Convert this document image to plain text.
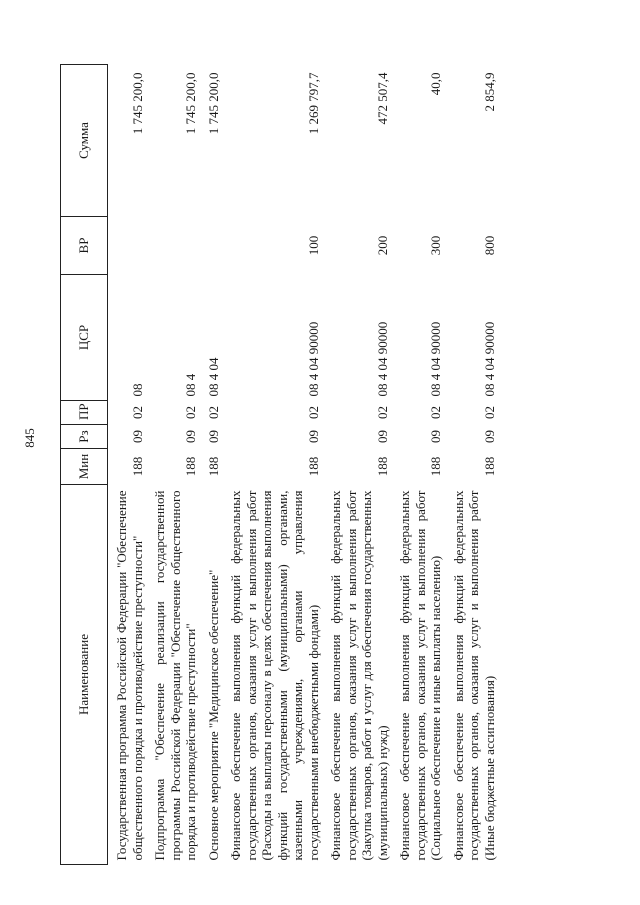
845
Наименование	Мин	Рз	ПР	ЦСР	ВР	Сумма
Государственная программа Российской Федерации "Обеспечение общественного порядка и противодействие преступности"	188	09	02	08		1 745 200,0
Подпрограмма "Обеспечение реализации государственной программы Российской Федерации "Обеспечение общественного порядка и противодействие преступности"	188	09	02	08 4		1 745 200,0
Основное мероприятие "Медицинское обеспечение"	188	09	02	08 4 04		1 745 200,0
Финансовое обеспечение выполнения функций федеральных государственных органов, оказания услуг и выполнения работ (Расходы на выплаты персоналу в целях обеспечения выполнения функций государственными (муниципальными) органами, казенными учреждениями, органами управления государственными внебюджетными фондами)	188	09	02	08 4 04 90000	100	1 269 797,7
Финансовое обеспечение выполнения функций федеральных государственных органов, оказания услуг и выполнения работ (Закупка товаров, работ и услуг для обеспечения государственных (муниципальных) нужд)	188	09	02	08 4 04 90000	200	472 507,4
Финансовое обеспечение выполнения функций федеральных государственных органов, оказания услуг и выполнения работ (Социальное обеспечение и иные выплаты населению)	188	09	02	08 4 04 90000	300	40,0
Финансовое обеспечение выполнения функций федеральных государственных органов, оказания услуг и выполнения работ (Иные бюджетные ассигнования)	188	09	02	08 4 04 90000	800	2 854,9
